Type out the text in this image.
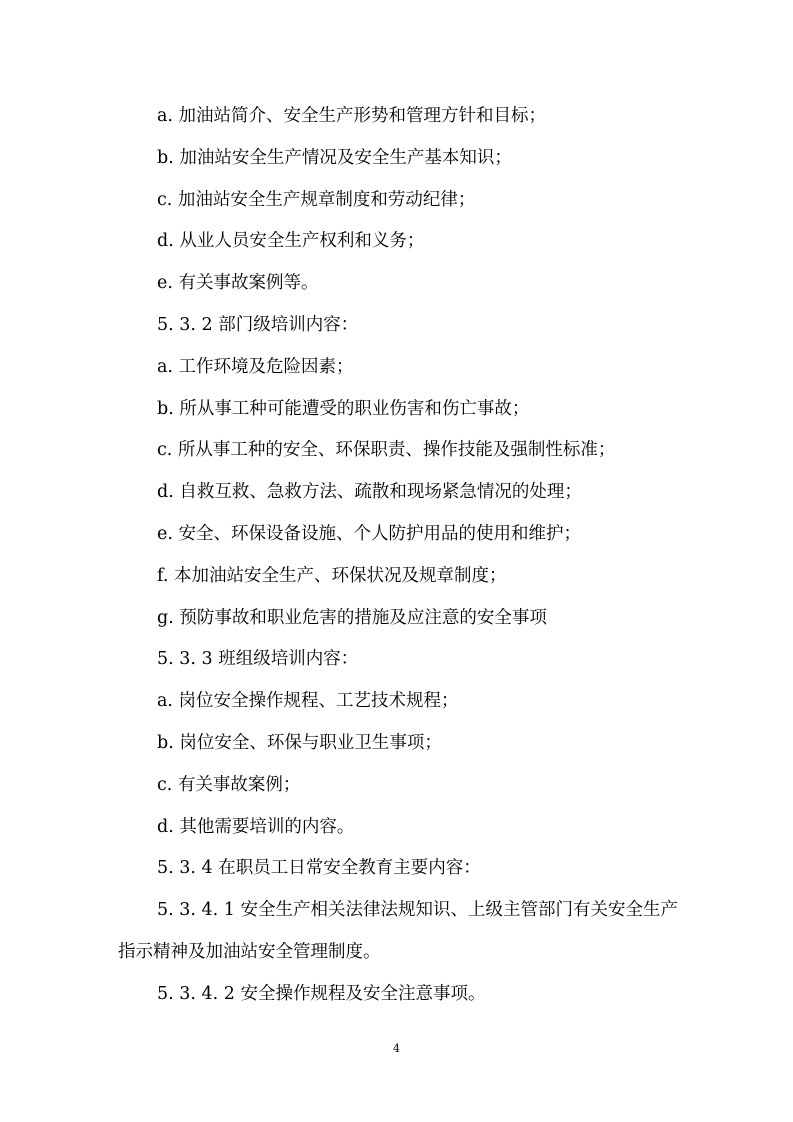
a. 加油站简介、安全生产形势和管理方针和目标；

b. 加油站安全生产情况及安全生产基本知识；

c. 加油站安全生产规章制度和劳动纪律；

d. 从业人员安全生产权利和义务；

e. 有关事故案例等。

5. 3. 2 部门级培训内容：

a. 工作环境及危险因素；

b. 所从事工种可能遭受的职业伤害和伤亡事故；

c. 所从事工种的安全、环保职责、操作技能及强制性标准；

d. 自救互救、急救方法、疏散和现场紧急情况的处理；

e. 安全、环保设备设施、个人防护用品的使用和维护；

f. 本加油站安全生产、环保状况及规章制度；

g. 预防事故和职业危害的措施及应注意的安全事项

5. 3. 3 班组级培训内容：

a. 岗位安全操作规程、工艺技术规程；

b. 岗位安全、环保与职业卫生事项；

c. 有关事故案例；

d. 其他需要培训的内容。

5. 3. 4 在职员工日常安全教育主要内容：

5. 3. 4. 1 安全生产相关法律法规知识、上级主管部门有关安全生产指示精神及加油站安全管理制度。

5. 3. 4. 2 安全操作规程及安全注意事项。

4
